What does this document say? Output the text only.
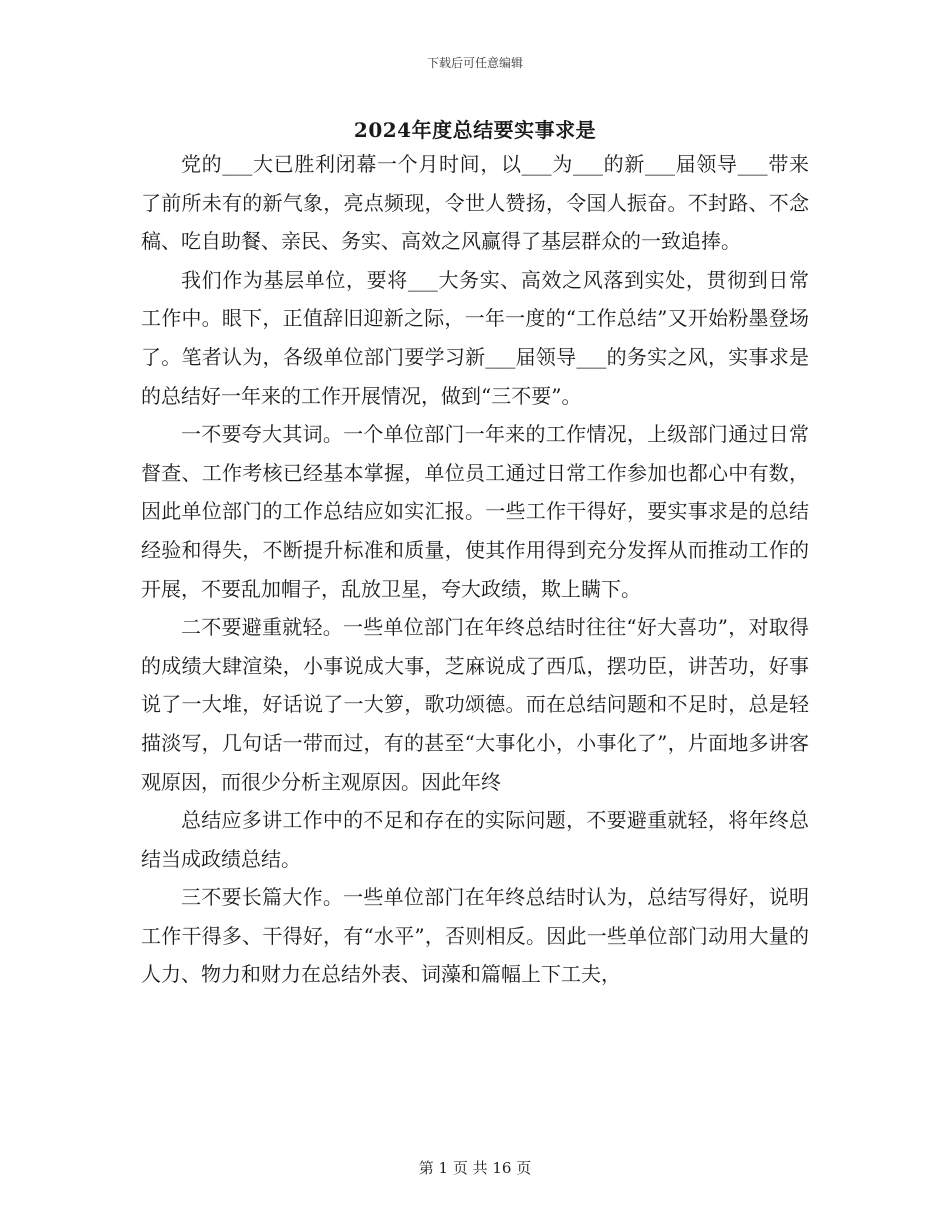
下载后可任意编辑
2024年度总结要实事求是

党的___大已胜利闭幕一个月时间，以___为___的新___届领导___带来了前所未有的新气象，亮点频现，令世人赞扬，令国人振奋。不封路、不念稿、吃自助餐、亲民、务实、高效之风赢得了基层群众的一致追捧。

我们作为基层单位，要将___大务实、高效之风落到实处，贯彻到日常工作中。眼下，正值辞旧迎新之际，一年一度的“工作总结”又开始粉墨登场了。笔者认为，各级单位部门要学习新___届领导___的务实之风，实事求是的总结好一年来的工作开展情况，做到“三不要”。

一不要夸大其词。一个单位部门一年来的工作情况，上级部门通过日常督查、工作考核已经基本掌握，单位员工通过日常工作参加也都心中有数，因此单位部门的工作总结应如实汇报。一些工作干得好，要实事求是的总结经验和得失，不断提升标准和质量，使其作用得到充分发挥从而推动工作的开展，不要乱加帽子，乱放卫星，夸大政绩，欺上瞒下。

二不要避重就轻。一些单位部门在年终总结时往往“好大喜功”，对取得的成绩大肆渲染，小事说成大事，芝麻说成了西瓜，摆功臣，讲苦功，好事说了一大堆，好话说了一大箩，歌功颂德。而在总结问题和不足时，总是轻描淡写，几句话一带而过，有的甚至“大事化小，小事化了”，片面地多讲客观原因，而很少分析主观原因。因此年终

总结应多讲工作中的不足和存在的实际问题，不要避重就轻，将年终总结当成政绩总结。

三不要长篇大作。一些单位部门在年终总结时认为，总结写得好，说明工作干得多、干得好，有“水平”，否则相反。因此一些单位部门动用大量的人力、物力和财力在总结外表、词藻和篇幅上下工夫，

第 1 页 共 16 页
